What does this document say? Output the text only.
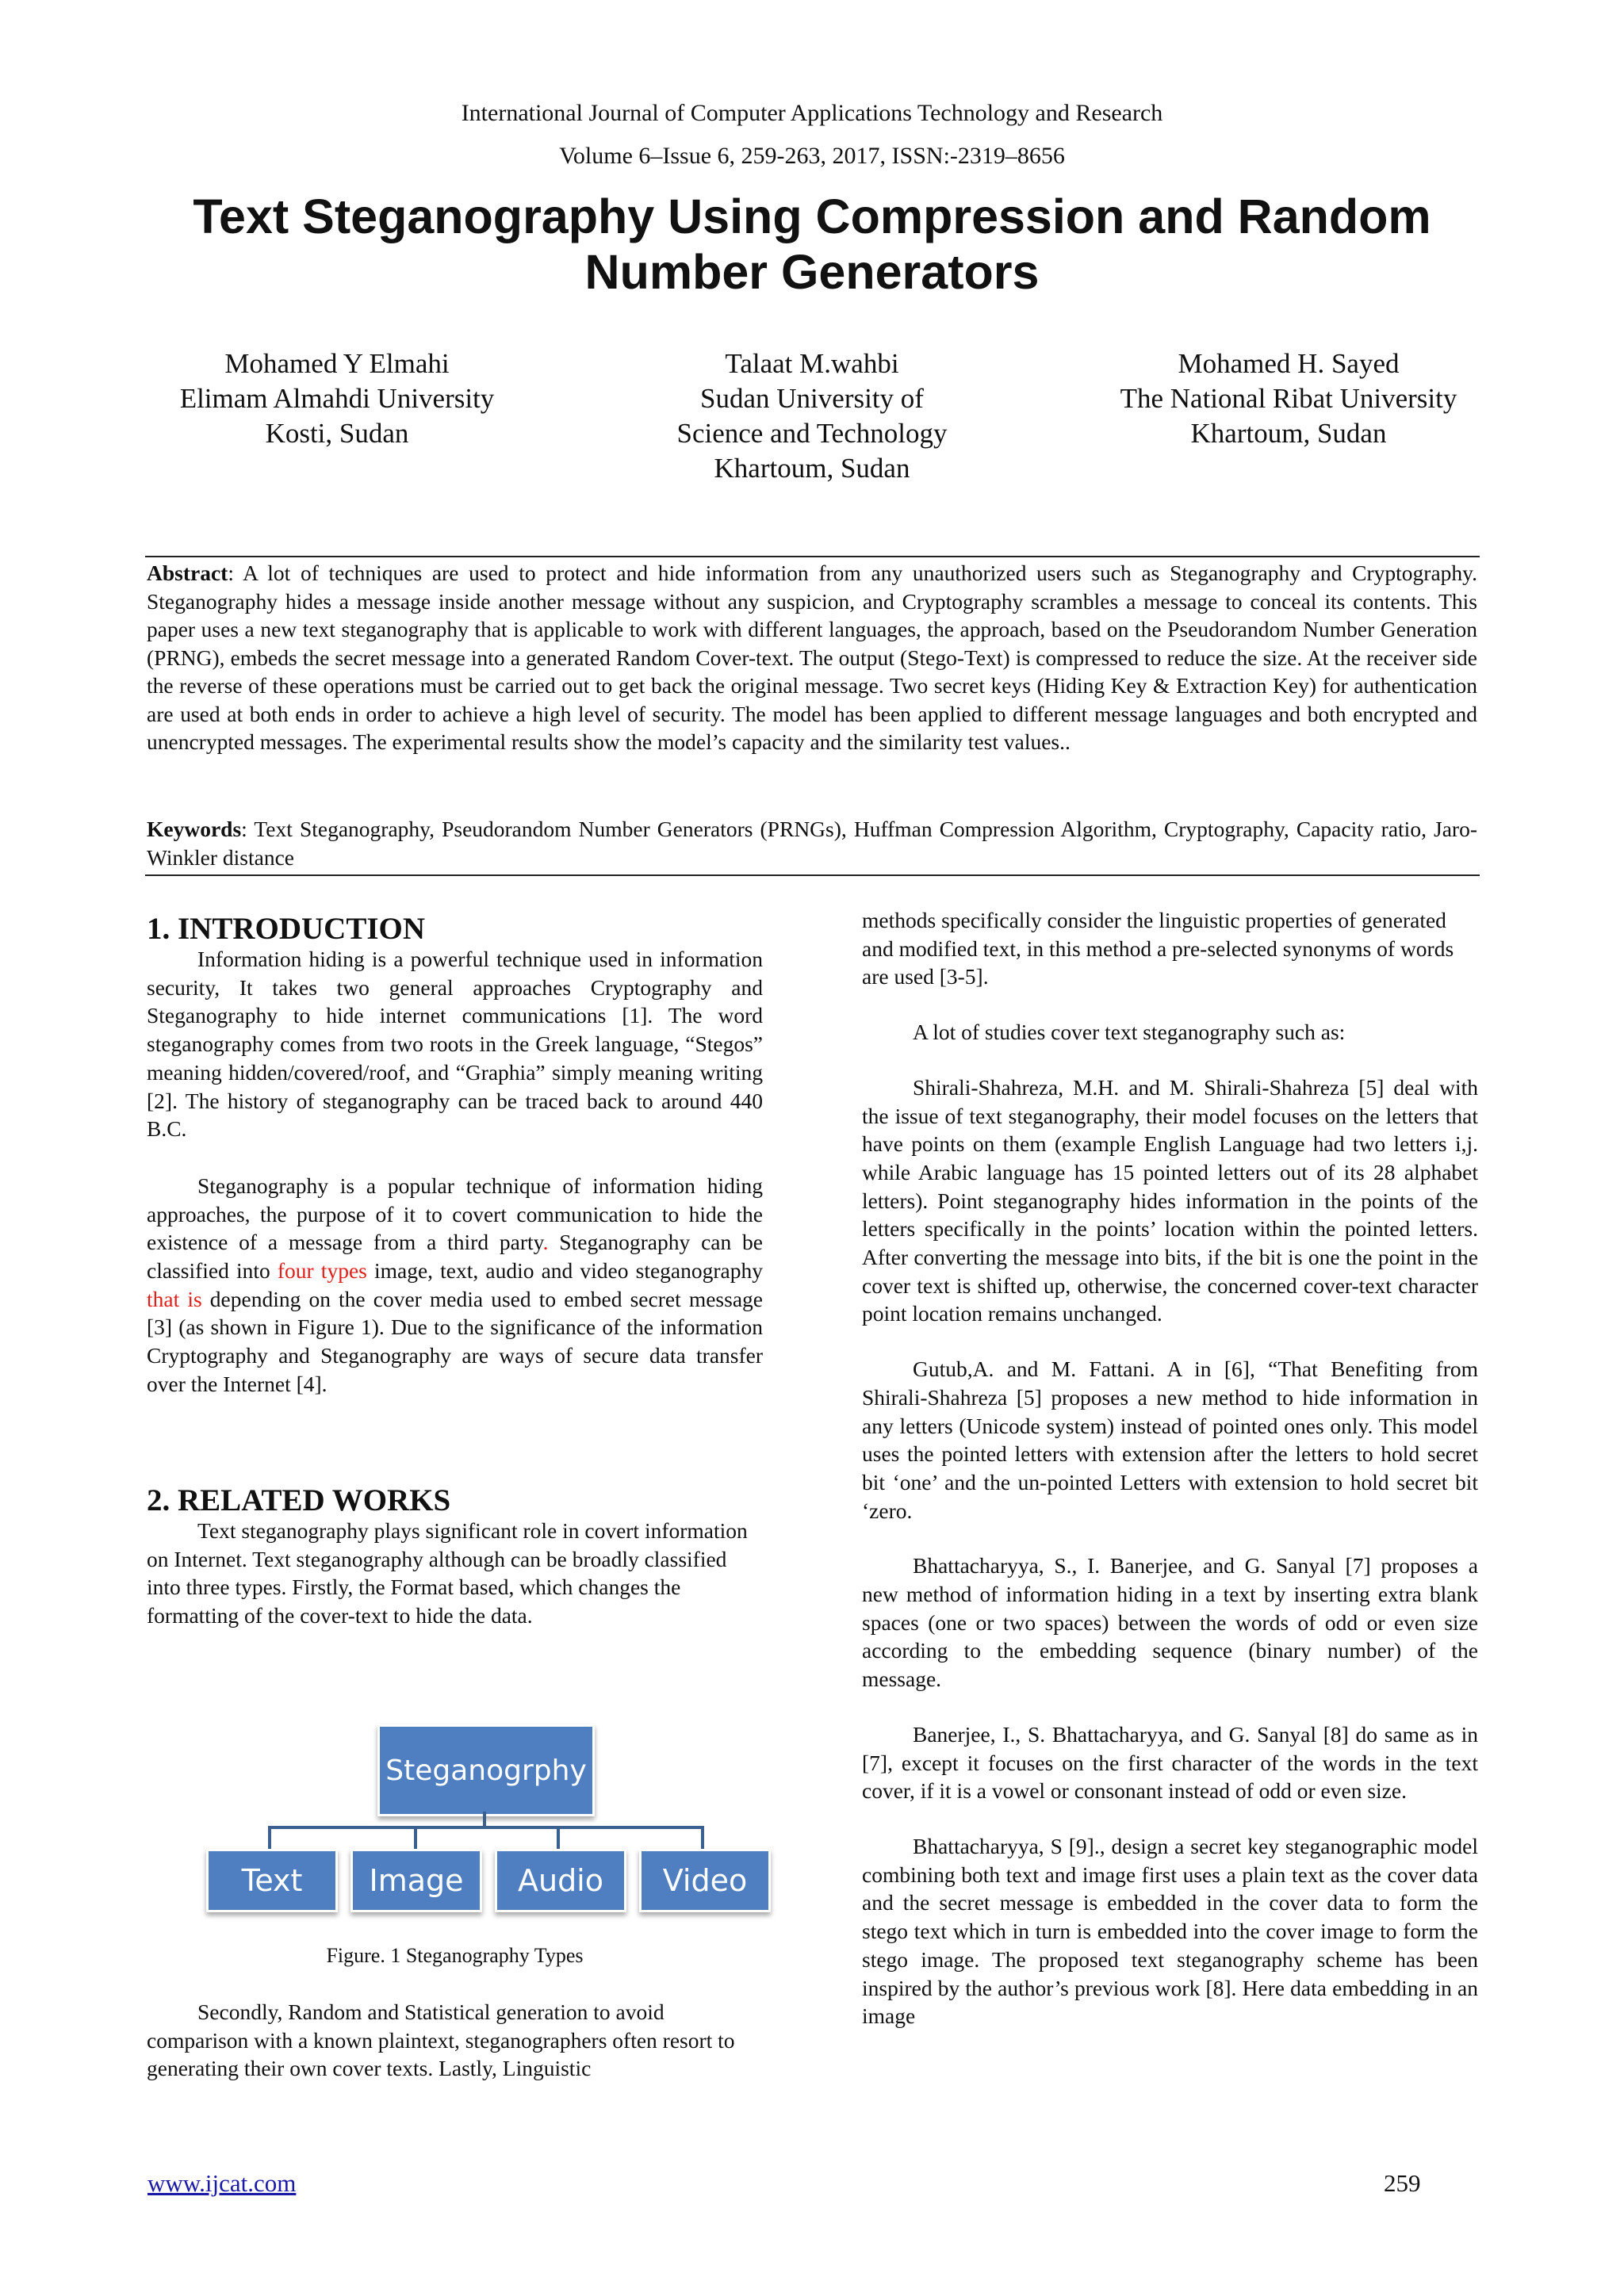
International Journal of Computer Applications Technology and Research
Volume 6–Issue 6, 259-263, 2017, ISSN:-2319–8656
Text Steganography Using Compression and Random
Number Generators
Mohamed Y Elmahi
Elimam Almahdi University
Kosti, Sudan
Talaat M.wahbi
Sudan University of
Science and Technology
Khartoum, Sudan
Mohamed H. Sayed
The National Ribat University
Khartoum, Sudan
Abstract: A lot of techniques are used to protect and hide information from any unauthorized users such as Steganography and Cryptography. Steganography hides a message inside another message without any suspicion, and Cryptography scrambles a message to conceal its contents. This paper uses a new text steganography that is applicable to work with different languages, the approach, based on the Pseudorandom Number Generation (PRNG), embeds the secret message into a generated Random Cover-text. The output (Stego-Text) is compressed to reduce the size. At the receiver side the reverse of these operations must be carried out to get back the original message. Two secret keys (Hiding Key & Extraction Key) for authentication are used at both ends in order to achieve a high level of security. The model has been applied to different message languages and both encrypted and unencrypted messages. The experimental results show the model’s capacity and the similarity test values..
Keywords: Text Steganography, Pseudorandom Number Generators (PRNGs), Huffman Compression Algorithm, Cryptography, Capacity ratio, Jaro-Winkler distance
1. INTRODUCTION

Information hiding is a powerful technique used in information security, It takes two general approaches Cryptography and Steganography to hide internet communications [1]. The word steganography comes from two roots in the Greek language, “Stegos” meaning hidden/covered/roof, and “Graphia” simply meaning writing [2]. The history of steganography can be traced back to around 440 B.C.

Steganography is a popular technique of information hiding approaches, the purpose of it to covert communication to hide the existence of a message from a third party. Steganography can be classified into four types image, text, audio and video steganography that is depending on the cover media used to embed secret message [3] (as shown in Figure 1). Due to the significance of the information Cryptography and Steganography are ways of secure data transfer over the Internet [4].

2. RELATED WORKS

Text steganography plays significant role in covert information on Internet. Text steganography although can be broadly classified into three types. Firstly, the Format based, which changes the formatting of the cover-text to hide the data.

Steganogrphy
Text	Image	Audio	Video
Figure. 1 Steganography Types

Secondly, Random and Statistical generation to avoid comparison with a known plaintext, steganographers often resort to generating their own cover texts. Lastly, Linguistic

methods specifically consider the linguistic properties of generated and modified text, in this method a pre-selected synonyms of words are used [3-5].

A lot of studies cover text steganography such as:

Shirali-Shahreza, M.H. and M. Shirali-Shahreza [5] deal with the issue of text steganography, their model focuses on the letters that have points on them (example English Language had two letters i,j. while Arabic language has 15 pointed letters out of its 28 alphabet letters). Point steganography hides information in the points of the letters specifically in the points’ location within the pointed letters. After converting the message into bits, if the bit is one the point in the cover text is shifted up, otherwise, the concerned cover-text character point location remains unchanged.

Gutub,A. and M. Fattani. A in [6], “That Benefiting from Shirali-Shahreza [5] proposes a new method to hide information in any letters (Unicode system) instead of pointed ones only. This model uses the pointed letters with extension after the letters to hold secret bit ‘one’ and the un-pointed Letters with extension to hold secret bit ‘zero.

Bhattacharyya, S., I. Banerjee, and G. Sanyal [7] proposes a new method of information hiding in a text by inserting extra blank spaces (one or two spaces) between the words of odd or even size according to the embedding sequence (binary number) of the message.

Banerjee, I., S. Bhattacharyya, and G. Sanyal [8] do same as in [7], except it focuses on the first character of the words in the text cover, if it is a vowel or consonant instead of odd or even size.

Bhattacharyya, S [9]., design a secret key steganographic model combining both text and image first uses a plain text as the cover data and the secret message is embedded in the cover data to form the stego text which in turn is embedded into the cover image to form the stego image. The proposed text steganography scheme has been inspired by the author’s previous work [8]. Here data embedding in an image

www.ijcat.com	259
